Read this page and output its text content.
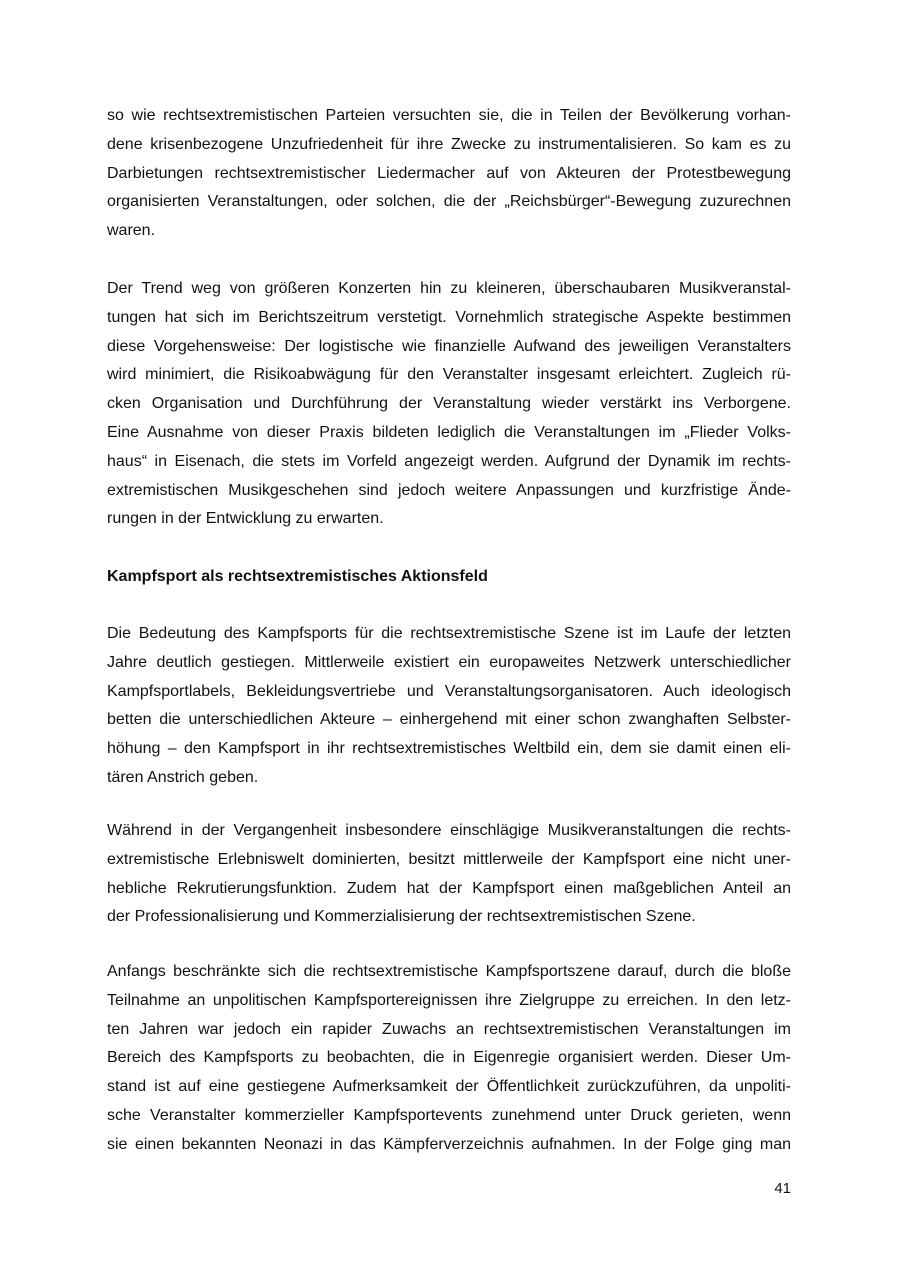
so wie rechtsextremistischen Parteien versuchten sie, die in Teilen der Bevölkerung vorhan-
dene krisenbezogene Unzufriedenheit für ihre Zwecke zu instrumentalisieren. So kam es zu
Darbietungen rechtsextremistischer Liedermacher auf von Akteuren der Protestbewegung
organisierten Veranstaltungen, oder solchen, die der „Reichsbürger“-Bewegung zuzurechnen
waren.
Der Trend weg von größeren Konzerten hin zu kleineren, überschaubaren Musikveranstal-
tungen hat sich im Berichtszeitrum verstetigt. Vornehmlich strategische Aspekte bestimmen
diese Vorgehensweise: Der logistische wie finanzielle Aufwand des jeweiligen Veranstalters
wird minimiert, die Risikoabwägung für den Veranstalter insgesamt erleichtert. Zugleich rü-
cken Organisation und Durchführung der Veranstaltung wieder verstärkt ins Verborgene.
Eine Ausnahme von dieser Praxis bildeten lediglich die Veranstaltungen im „Flieder Volks-
haus“ in Eisenach, die stets im Vorfeld angezeigt werden. Aufgrund der Dynamik im rechts-
extremistischen Musikgeschehen sind jedoch weitere Anpassungen und kurzfristige Ände-
rungen in der Entwicklung zu erwarten.
Kampfsport als rechtsextremistisches Aktionsfeld
Die Bedeutung des Kampfsports für die rechtsextremistische Szene ist im Laufe der letzten
Jahre deutlich gestiegen. Mittlerweile existiert ein europaweites Netzwerk unterschiedlicher
Kampfsportlabels, Bekleidungsvertriebe und Veranstaltungsorganisatoren. Auch ideologisch
betten die unterschiedlichen Akteure – einhergehend mit einer schon zwanghaften Selbster-
höhung – den Kampfsport in ihr rechtsextremistisches Weltbild ein, dem sie damit einen eli-
tären Anstrich geben.
Während in der Vergangenheit insbesondere einschlägige Musikveranstaltungen die rechts-
extremistische Erlebniswelt dominierten, besitzt mittlerweile der Kampfsport eine nicht uner-
hebliche Rekrutierungsfunktion. Zudem hat der Kampfsport einen maßgeblichen Anteil an
der Professionalisierung und Kommerzialisierung der rechtsextremistischen Szene.
Anfangs beschränkte sich die rechtsextremistische Kampfsportszene darauf, durch die bloße
Teilnahme an unpolitischen Kampfsportereignissen ihre Zielgruppe zu erreichen. In den letz-
ten Jahren war jedoch ein rapider Zuwachs an rechtsextremistischen Veranstaltungen im
Bereich des Kampfsports zu beobachten, die in Eigenregie organisiert werden. Dieser Um-
stand ist auf eine gestiegene Aufmerksamkeit der Öffentlichkeit zurückzuführen, da unpoliti-
sche Veranstalter kommerzieller Kampfsportevents zunehmend unter Druck gerieten, wenn
sie einen bekannten Neonazi in das Kämpferverzeichnis aufnahmen. In der Folge ging man
41
